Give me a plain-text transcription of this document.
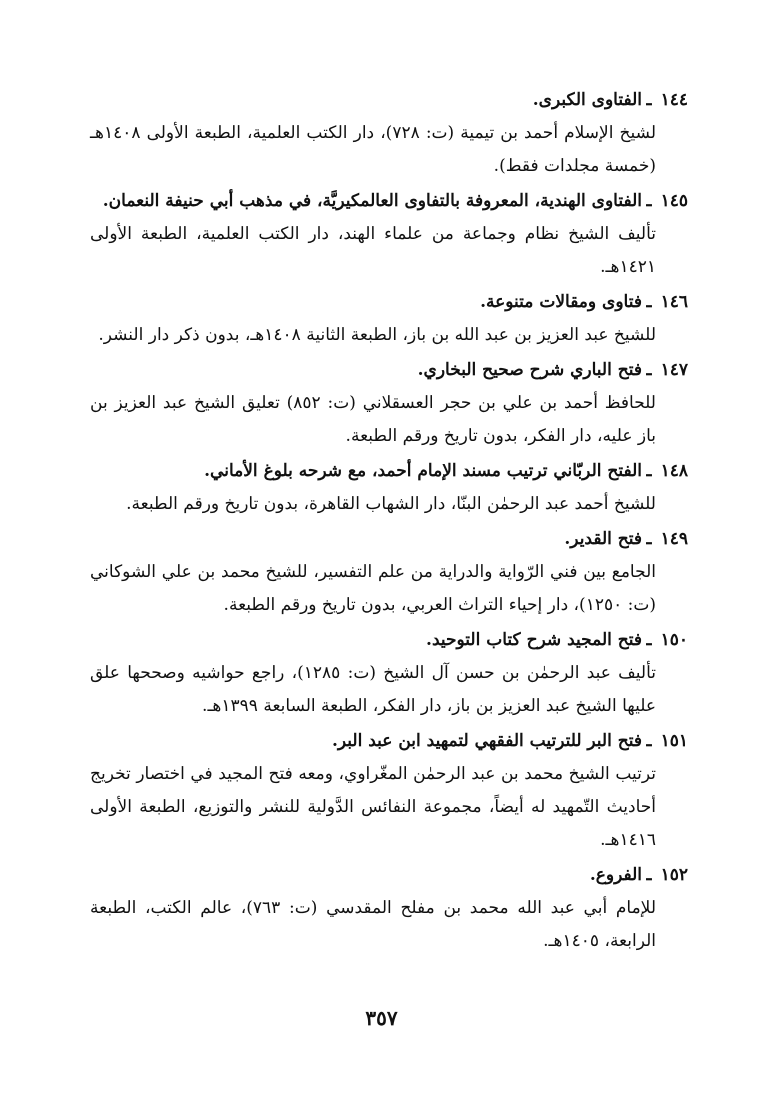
١٤٤
ـ
الفتاوى الكبرى.
لشيخ الإسلام أحمد بن تيمية (ت: ٧٢٨)، دار الكتب العلمية، الطبعة الأولى ١٤٠٨هـ (خمسة مجلدات فقط).
١٤٥
ـ
الفتاوى الهندية، المعروفة بالتفاوى العالمكيريَّة، في مذهب أبي حنيفة النعمان.
تأليف الشيخ نظام وجماعة من علماء الهند، دار الكتب العلمية، الطبعة الأولى ١٤٢١هـ.
١٤٦
ـ
فتاوى ومقالات متنوعة.
للشيخ عبد العزيز بن عبد الله بن باز، الطبعة الثانية ١٤٠٨هـ، بدون ذكر دار النشر.
١٤٧
ـ
فتح الباري شرح صحيح البخاري.
للحافظ أحمد بن علي بن حجر العسقلاني (ت: ٨٥٢) تعليق الشيخ عبد العزيز بن باز عليه، دار الفكر، بدون تاريخ ورقم الطبعة.
١٤٨
ـ
الفتح الربّاني ترتيب مسند الإمام أحمد، مع شرحه بلوغ الأماني.
للشيخ أحمد عبد الرحمٰن البنّا، دار الشهاب القاهرة، بدون تاريخ ورقم الطبعة.
١٤٩
ـ
فتح القدير.
الجامع بين فني الرّواية والدراية من علم التفسير، للشيخ محمد بن علي الشوكاني (ت: ١٢٥٠)، دار إحياء التراث العربي، بدون تاريخ ورقم الطبعة.
١٥٠
ـ
فتح المجيد شرح كتاب التوحيد.
تأليف عبد الرحمٰن بن حسن آل الشيخ (ت: ١٢٨٥)، راجع حواشيه وصححها علق عليها الشيخ عبد العزيز بن باز، دار الفكر، الطبعة السابعة ١٣٩٩هـ.
١٥١
ـ
فتح البر للترتيب الفقهي لتمهيد ابن عبد البر.
ترتيب الشيخ محمد بن عبد الرحمٰن المغّراوي، ومعه فتح المجيد في اختصار تخريج أحاديث التّمهيد له أيضاً، مجموعة النفائس الدَّولية للنشر والتوزيع، الطبعة الأولى ١٤١٦هـ.
١٥٢
ـ
الفروع.
للإمام أبي عبد الله محمد بن مفلح المقدسي (ت: ٧٦٣)، عالم الكتب، الطبعة الرابعة، ١٤٠٥هـ.
٣٥٧
